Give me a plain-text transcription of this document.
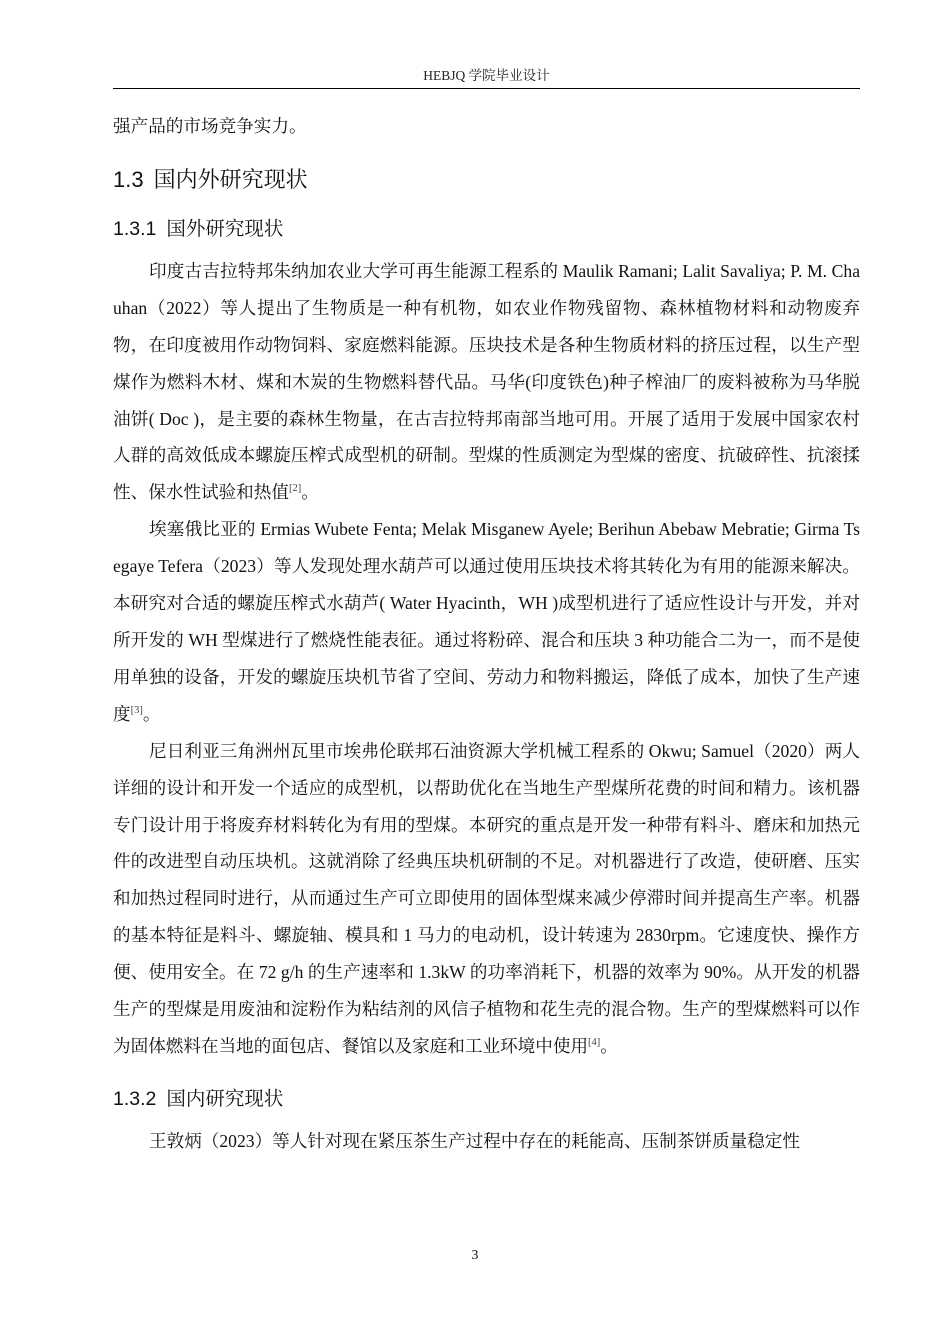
HEBJQ 学院毕业设计

强产品的市场竞争实力。

1.3 国内外研究现状
1.3.1 国外研究现状

印度古吉拉特邦朱纳加农业大学可再生能源工程系的 Maulik Ramani; Lalit Savaliya; P. M. Chauhan（2022）等人提出了生物质是一种有机物，如农业作物残留物、森林植物材料和动物废弃物，在印度被用作动物饲料、家庭燃料能源。压块技术是各种生物质材料的挤压过程，以生产型煤作为燃料木材、煤和木炭的生物燃料替代品。马华(印度铁色)种子榨油厂的废料被称为马华脱油饼( Doc )，是主要的森林生物量，在古吉拉特邦南部当地可用。开展了适用于发展中国家农村人群的高效低成本螺旋压榨式成型机的研制。型煤的性质测定为型煤的密度、抗破碎性、抗滚揉性、保水性试验和热值[2]。

埃塞俄比亚的 Ermias Wubete Fenta; Melak Misganew Ayele; Berihun Abebaw Mebratie; Girma Tsegaye Tefera（2023）等人发现处理水葫芦可以通过使用压块技术将其转化为有用的能源来解决。本研究对合适的螺旋压榨式水葫芦( Water Hyacinth，WH )成型机进行了适应性设计与开发，并对所开发的 WH 型煤进行了燃烧性能表征。通过将粉碎、混合和压块 3 种功能合二为一，而不是使用单独的设备，开发的螺旋压块机节省了空间、劳动力和物料搬运，降低了成本，加快了生产速度[3]。

尼日利亚三角洲州瓦里市埃弗伦联邦石油资源大学机械工程系的 Okwu; Samuel（2020）两人详细的设计和开发一个适应的成型机，以帮助优化在当地生产型煤所花费的时间和精力。该机器专门设计用于将废弃材料转化为有用的型煤。本研究的重点是开发一种带有料斗、磨床和加热元件的改进型自动压块机。这就消除了经典压块机研制的不足。对机器进行了改造，使研磨、压实和加热过程同时进行，从而通过生产可立即使用的固体型煤来减少停滞时间并提高生产率。机器的基本特征是料斗、螺旋轴、模具和 1 马力的电动机，设计转速为 2830rpm。它速度快、操作方便、使用安全。在 72 g/h 的生产速率和 1.3kW 的功率消耗下，机器的效率为 90%。从开发的机器生产的型煤是用废油和淀粉作为粘结剂的风信子植物和花生壳的混合物。生产的型煤燃料可以作为固体燃料在当地的面包店、餐馆以及家庭和工业环境中使用[4]。

1.3.2 国内研究现状

王敦炳（2023）等人针对现在紧压茶生产过程中存在的耗能高、压制茶饼质量稳定性

3
